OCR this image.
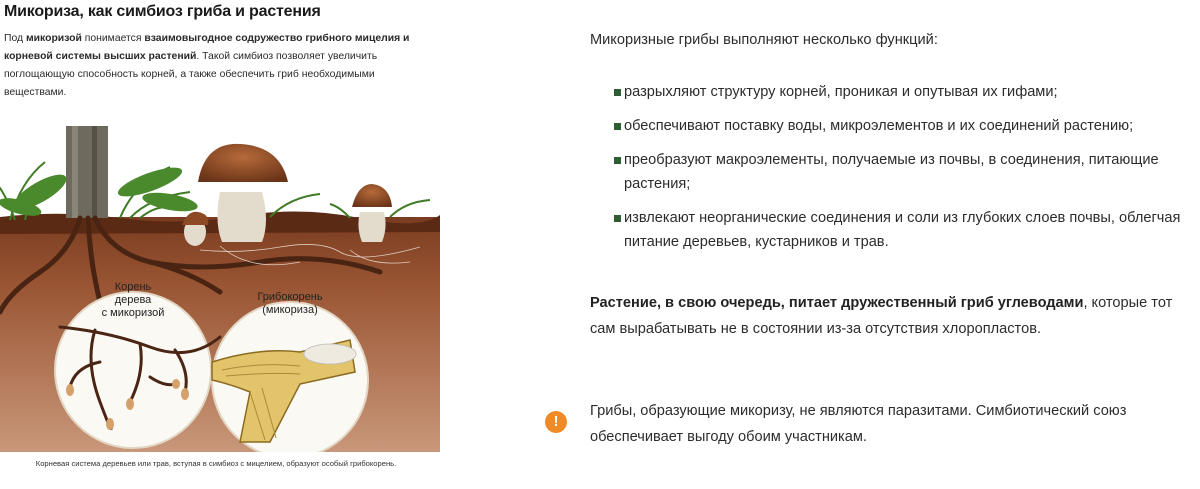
Микориза, как симбиоз гриба и растения

Под микоризой понимается взаимовыгодное содружество грибного мицелия и корневой системы высших растений. Такой симбиоз позволяет увеличить поглощающую способность корней, а также обеспечить гриб необходимыми веществами.

Корень
дерева
с микоризой
Грибокорень
(микориза)

Корневая система деревьев или трав, вступая в симбиоз с мицелием, образуют особый грибокорень.

Микоризные грибы выполняют несколько функций:

разрыхляют структуру корней, проникая и опутывая их гифами;
обеспечивают поставку воды, микроэлементов и их соединений растению;
преобразуют макроэлементы, получаемые из почвы, в соединения, питающие растения;
извлекают неорганические соединения и соли из глубоких слоев почвы, облегчая питание деревьев, кустарников и трав.

Растение, в свою очередь, питает дружественный гриб углеводами, которые тот сам вырабатывать не в состоянии из-за отсутствия хлоропластов.

!

Грибы, образующие микоризу, не являются паразитами. Симбиотический союз обеспечивает выгоду обоим участникам.
